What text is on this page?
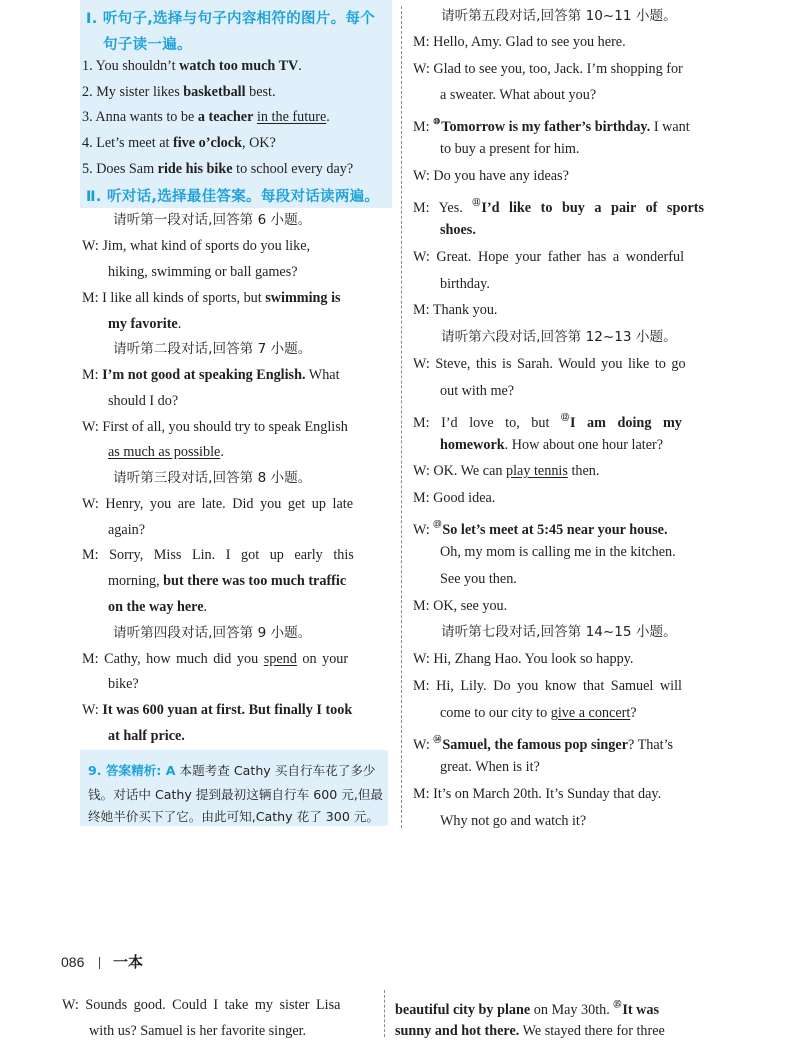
Ⅰ. 听句子,选择与句子内容相符的图片。每个
句子读一遍。
1. You shouldn’t watch too much TV.
2. My sister likes basketball best.
3. Anna wants to be a teacher in the future.
4. Let’s meet at five o’clock, OK?
5. Does Sam ride his bike to school every day?
Ⅱ. 听对话,选择最佳答案。每段对话读两遍。
请听第一段对话,回答第 6 小题。
W: Jim, what kind of sports do you like,
hiking, swimming or ball games?
M: I like all kinds of sports, but swimming is
my favorite.
请听第二段对话,回答第 7 小题。
M: I’m not good at speaking English. What
should I do?
W: First of all, you should try to speak English
as much as possible.
请听第三段对话,回答第 8 小题。
W: Henry, you are late. Did you get up late
again?
M: Sorry, Miss Lin. I got up early this
morning, but there was too much traffic
on the way here.
请听第四段对话,回答第 9 小题。
M: Cathy, how much did you spend on your
bike?
W: It was 600 yuan at first. But finally I took
at half price.
9. 答案精析: A 本题考查 Cathy 买自行车花了多少
钱。对话中 Cathy 提到最初这辆自行车 600 元,但最
终她半价买下了它。由此可知,Cathy 花了 300 元。
请听第五段对话,回答第 10~11 小题。
M: Hello, Amy. Glad to see you here.
W: Glad to see you, too, Jack. I’m shopping for
a sweater. What about you?
M: ⑩Tomorrow is my father’s birthday. I want
to buy a present for him.
W: Do you have any ideas?
M: Yes. ⑪I’d like to buy a pair of sports
shoes.
W: Great. Hope your father has a wonderful
birthday.
M: Thank you.
请听第六段对话,回答第 12~13 小题。
W: Steve, this is Sarah. Would you like to go
out with me?
M: I’d love to, but ⑫I am doing my
homework. How about one hour later?
W: OK. We can play tennis then.
M: Good idea.
W: ⑬So let’s meet at 5:45 near your house.
Oh, my mom is calling me in the kitchen.
See you then.
M: OK, see you.
请听第七段对话,回答第 14~15 小题。
W: Hi, Zhang Hao. You look so happy.
M: Hi, Lily. Do you know that Samuel will
come to our city to give a concert?
W: ⑭Samuel, the famous pop singer? That’s
great. When is it?
M: It’s on March 20th. It’s Sunday that day.
Why not go and watch it?
086 一本
W: Sounds good. Could I take my sister Lisa
with us? Samuel is her favorite singer.
beautiful city by plane on May 30th. ⑮It was
sunny and hot there. We stayed there for three
